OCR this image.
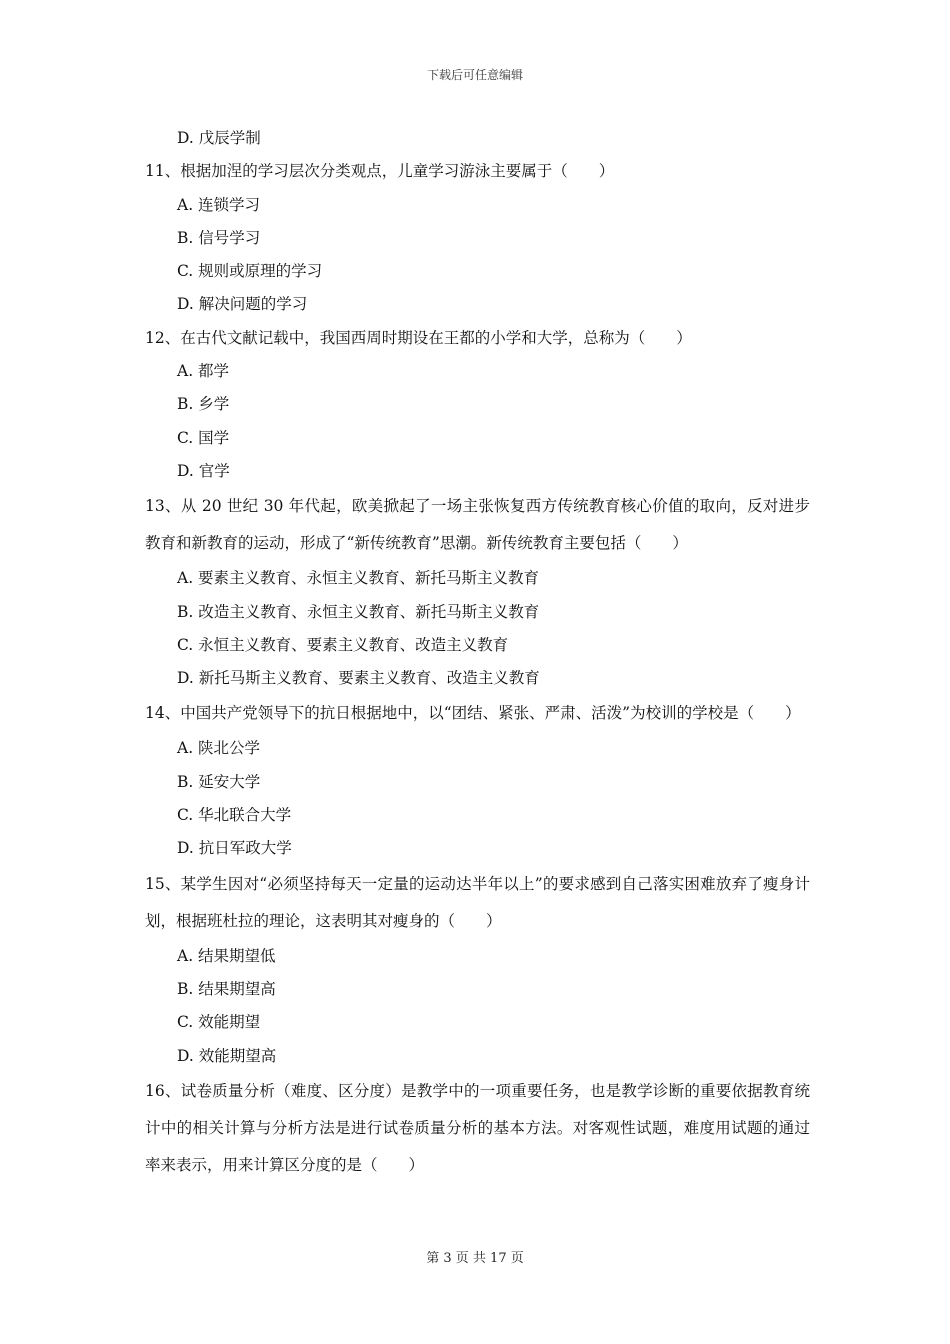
下载后可任意编辑
D. 戊辰学制
11、根据加涅的学习层次分类观点，儿童学习游泳主要属于（　　）
A. 连锁学习
B. 信号学习
C. 规则或原理的学习
D. 解决问题的学习
12、在古代文献记载中，我国西周时期设在王都的小学和大学，总称为（　　）
A. 都学
B. 乡学
C. 国学
D. 官学
13、从 20 世纪 30 年代起，欧美掀起了一场主张恢复西方传统教育核心价值的取向，反对进步教育和新教育的运动，形成了“新传统教育”思潮。新传统教育主要包括（　　）
A. 要素主义教育、永恒主义教育、新托马斯主义教育
B. 改造主义教育、永恒主义教育、新托马斯主义教育
C. 永恒主义教育、要素主义教育、改造主义教育
D. 新托马斯主义教育、要素主义教育、改造主义教育
14、中国共产党领导下的抗日根据地中，以“团结、紧张、严肃、活泼”为校训的学校是（　　）
A. 陕北公学
B. 延安大学
C. 华北联合大学
D. 抗日军政大学
15、某学生因对“必须坚持每天一定量的运动达半年以上”的要求感到自己落实困难放弃了瘦身计划，根据班杜拉的理论，这表明其对瘦身的（　　）
A. 结果期望低
B. 结果期望高
C. 效能期望
D. 效能期望高
16、试卷质量分析（难度、区分度）是教学中的一项重要任务，也是教学诊断的重要依据教育统计中的相关计算与分析方法是进行试卷质量分析的基本方法。对客观性试题，难度用试题的通过率来表示，用来计算区分度的是（　　）
第 3 页 共 17 页
